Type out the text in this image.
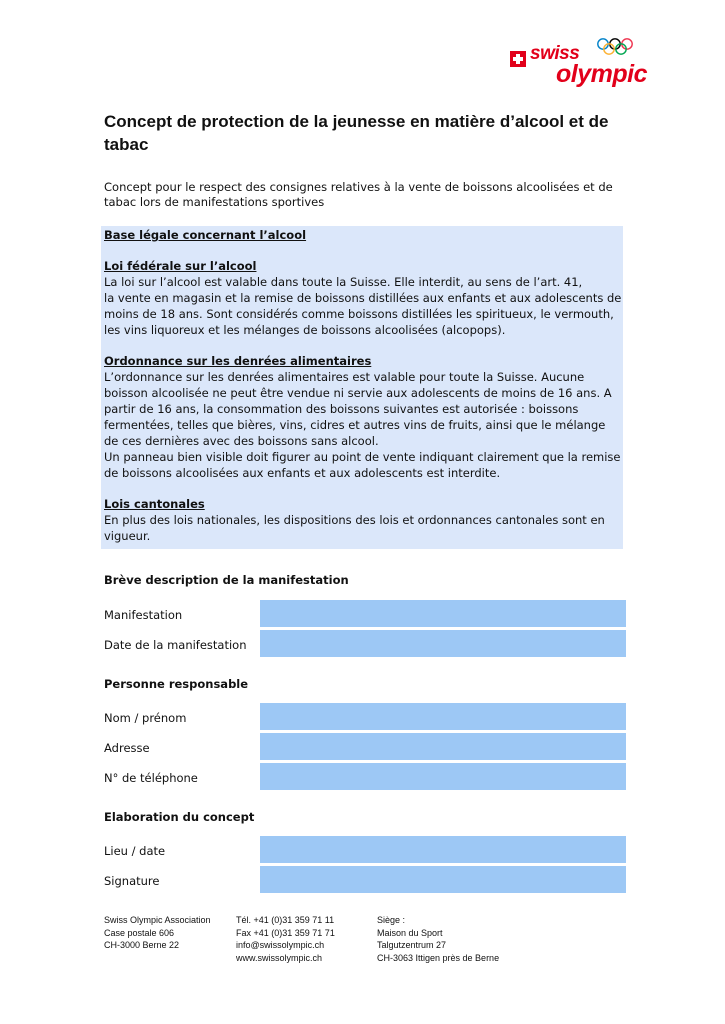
swiss
olympic
Concept de protection de la jeunesse en matière d’alcool et de tabac

Concept pour le respect des consignes relatives à la vente de boissons alcoolisées et de tabac lors de manifestations sportives

Base légale concernant l’alcool

Loi fédérale sur l’alcool

La loi sur l’alcool est valable dans toute la Suisse. Elle interdit, au sens de l’art. 41,

la vente en magasin et la remise de boissons distillées aux enfants et aux adolescents de moins de 18 ans. Sont considérés comme boissons distillées les spiritueux, le vermouth, les vins liquoreux et les mélanges de boissons alcoolisées (alcopops).

Ordonnance sur les denrées alimentaires

L’ordonnance sur les denrées alimentaires est valable pour toute la Suisse. Aucune boisson alcoolisée ne peut être vendue ni servie aux adolescents de moins de 16 ans. A partir de 16 ans, la consommation des boissons suivantes est autorisée : boissons fermentées, telles que bières, vins, cidres et autres vins de fruits, ainsi que le mélange de ces dernières avec des boissons sans alcool.

Un panneau bien visible doit figurer au point de vente indiquant clairement que la remise de boissons alcoolisées aux enfants et aux adolescents est interdite.

Lois cantonales

En plus des lois nationales, les dispositions des lois et ordonnances cantonales sont en vigueur.

Brève description de la manifestation

Manifestation

Date de la manifestation

Personne responsable

Nom / prénom

Adresse

N° de téléphone

Elaboration du concept

Lieu / date

Signature

Swiss Olympic Association
Case postale 606
CH-3000 Berne 22
Tél. +41 (0)31 359 71 11
Fax +41 (0)31 359 71 71
info@swissolympic.ch
www.swissolympic.ch
Siège :
Maison du Sport
Talgutzentrum 27
CH-3063 Ittigen près de Berne
